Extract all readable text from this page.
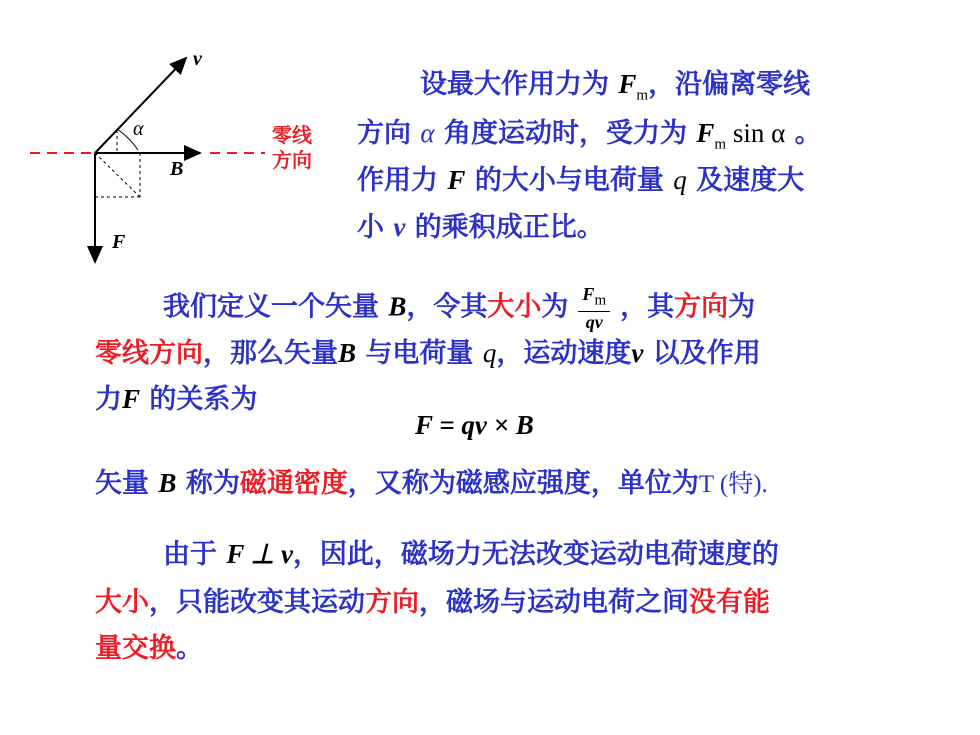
v
α
B
F
零线
方向
设最大作用力为 $F_m$，沿偏离零线
方向 α 角度运动时，受力为 $F_m$ sin α 。
作用力 F 的大小与电荷量 q 及速度大
小 v 的乘积成正比。
我们定义一个矢量 B，令其大小为 $\frac{F_m}{qv}$ ，其方向为
零线方向，那么矢量B 与电荷量 q，运动速度v 以及作用
力F 的关系为
F = qv × B
矢量 B 称为磁通密度，又称为磁感应强度，单位为T (特).
由于 F ⊥ v，因此，磁场力无法改变运动电荷速度的
大小，只能改变其运动方向，磁场与运动电荷之间没有能
量交换。
